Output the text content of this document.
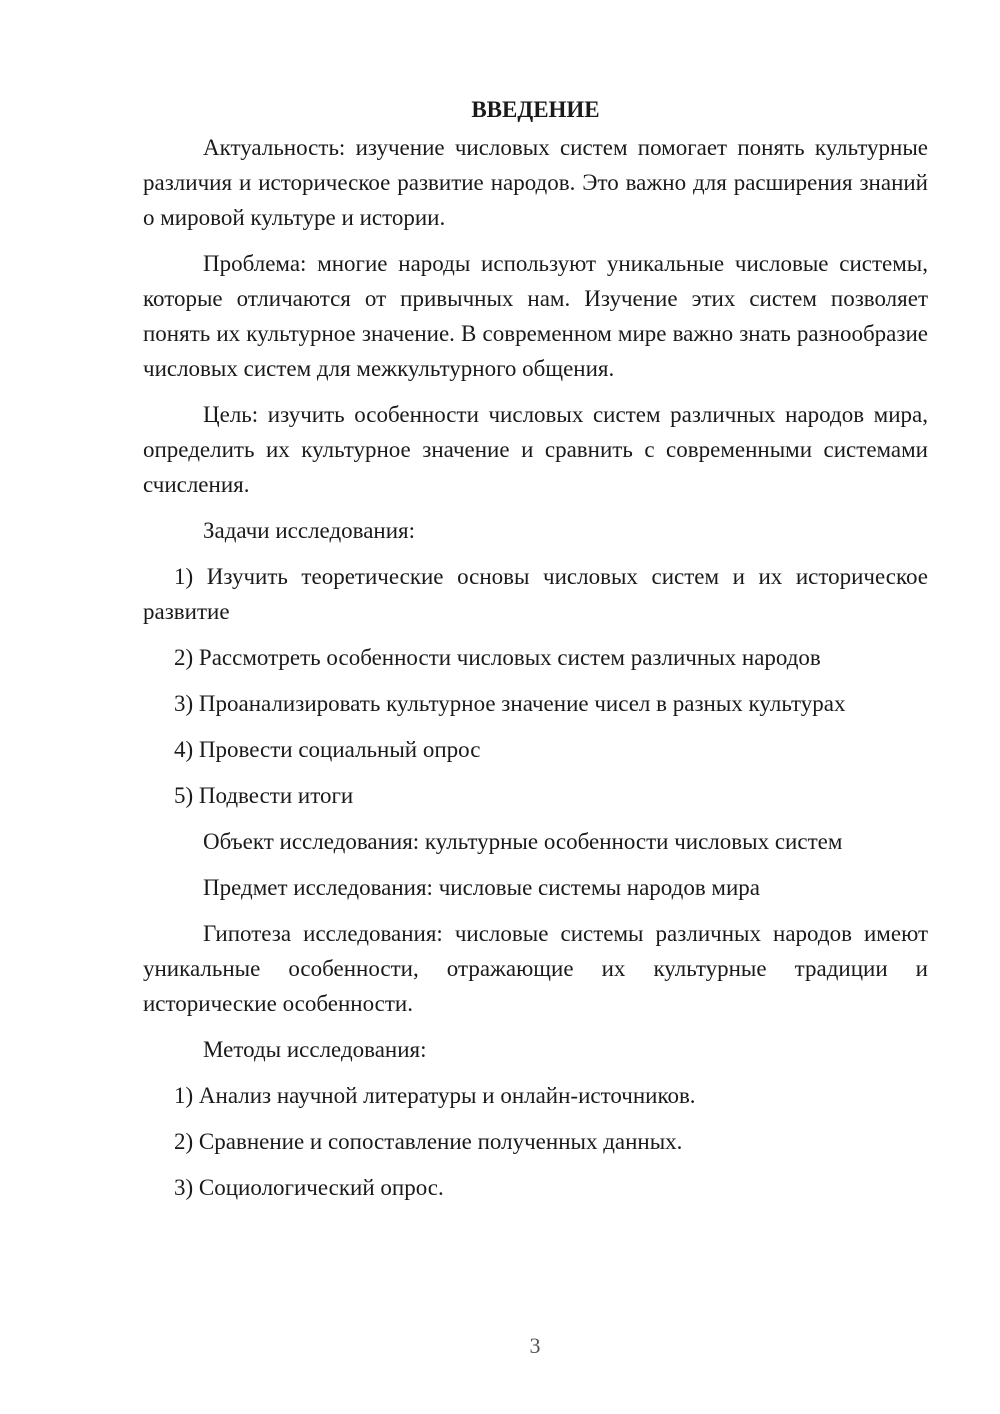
ВВЕДЕНИЕ

Актуальность: изучение числовых систем помогает понять культурные различия и историческое развитие народов. Это важно для расширения знаний о мировой культуре и истории.

Проблема: многие народы используют уникальные числовые системы, которые отличаются от привычных нам. Изучение этих систем позволяет понять их культурное значение. В современном мире важно знать разнообразие числовых систем для межкультурного общения.

Цель: изучить особенности числовых систем различных народов мира, определить их культурное значение и сравнить с современными системами счисления.

Задачи исследования:

1) Изучить теоретические основы числовых систем и их историческое развитие

2) Рассмотреть особенности числовых систем различных народов

3) Проанализировать культурное значение чисел в разных культурах

4) Провести социальный опрос

5) Подвести итоги

Объект исследования: культурные особенности числовых систем

Предмет исследования: числовые системы народов мира

Гипотеза исследования: числовые системы различных народов имеют уникальные особенности, отражающие их культурные традиции и исторические особенности.

Методы исследования:

1) Анализ научной литературы и онлайн-источников.

2) Сравнение и сопоставление полученных данных.

3) Социологический опрос.

3
